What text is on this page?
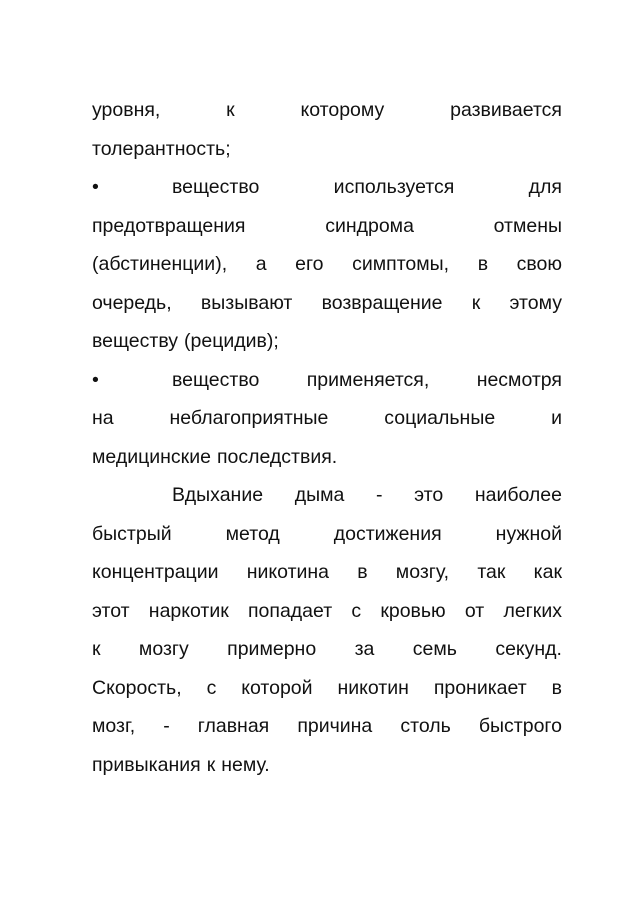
уровня,	к	которому	развивается
толерантность;
•	вещество	используется	для
предотвращения	синдрома	отмены
(абстиненции), а его симптомы, в свою
очередь, вызывают возвращение к этому
веществу (рецидив);
•	вещество применяется, несмотря
на	неблагоприятные	социальные	и
медицинские последствия.
Вдыхание дыма - это наиболее
быстрый	метод	достижения	нужной
концентрации никотина в мозгу, так как
этот наркотик попадает с кровью от легких
к мозгу примерно за семь секунд.
Скорость, с которой никотин проникает в
мозг, - главная причина столь быстрого
привыкания к нему.
